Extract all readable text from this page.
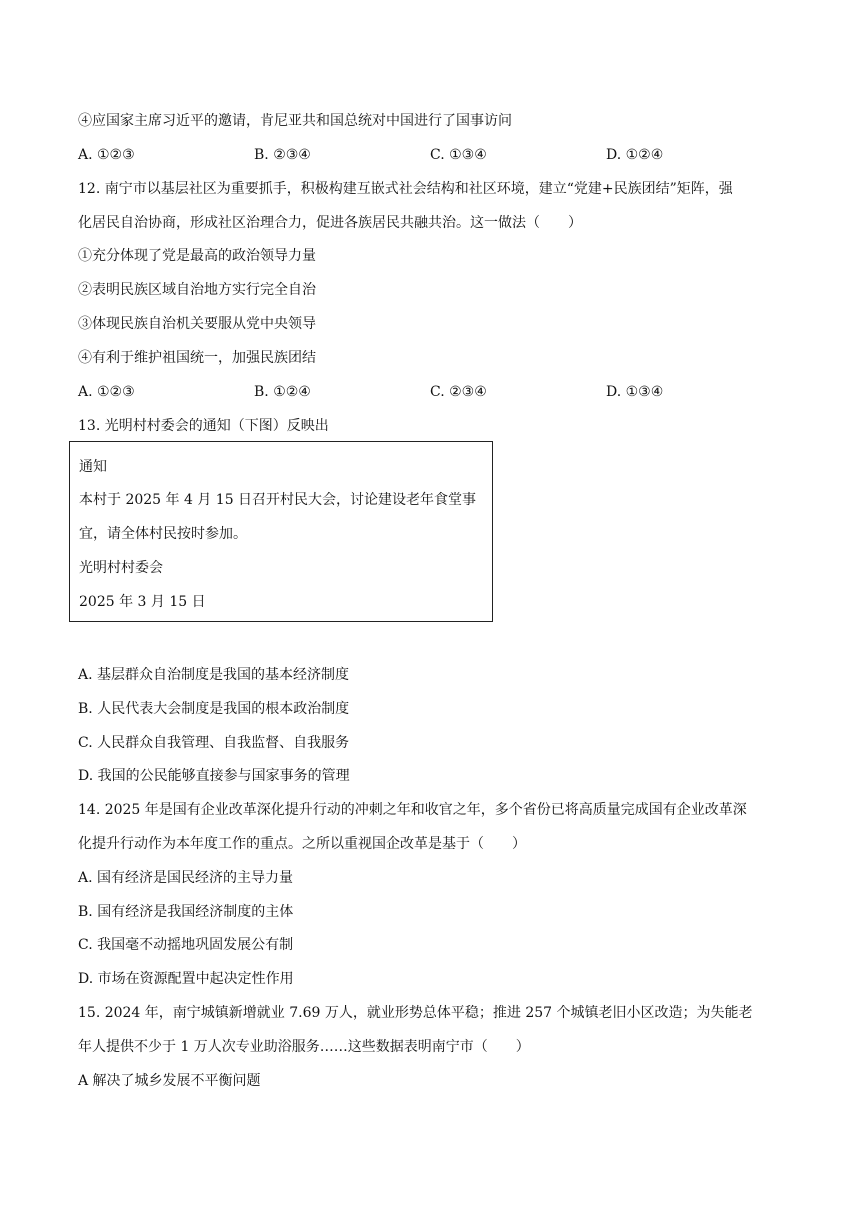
④应国家主席习近平的邀请，肯尼亚共和国总统对中国进行了国事访问
A. ①②③	B. ②③④	C. ①③④	D. ①②④
12. 南宁市以基层社区为重要抓手，积极构建互嵌式社会结构和社区环境，建立“党建+民族团结”矩阵，强
化居民自治协商，形成社区治理合力，促进各族居民共融共治。这一做法（　　）
①充分体现了党是最高的政治领导力量
②表明民族区域自治地方实行完全自治
③体现民族自治机关要服从党中央领导
④有利于维护祖国统一，加强民族团结
A. ①②③	B. ①②④	C. ②③④	D. ①③④
13. 光明村村委会的通知（下图）反映出
通知
本村于 2025 年 4 月 15 日召开村民大会，讨论建设老年食堂事
宜，请全体村民按时参加。
光明村村委会
2025 年 3 月 15 日
A. 基层群众自治制度是我国的基本经济制度
B. 人民代表大会制度是我国的根本政治制度
C. 人民群众自我管理、自我监督、自我服务
D. 我国的公民能够直接参与国家事务的管理
14. 2025 年是国有企业改革深化提升行动的冲刺之年和收官之年，多个省份已将高质量完成国有企业改革深
化提升行动作为本年度工作的重点。之所以重视国企改革是基于（　　）
A. 国有经济是国民经济的主导力量
B. 国有经济是我国经济制度的主体
C. 我国毫不动摇地巩固发展公有制
D. 市场在资源配置中起决定性作用
15. 2024 年，南宁城镇新增就业 7.69 万人，就业形势总体平稳；推进 257 个城镇老旧小区改造；为失能老
年人提供不少于 1 万人次专业助浴服务……这些数据表明南宁市（　　）
A 解决了城乡发展不平衡问题
